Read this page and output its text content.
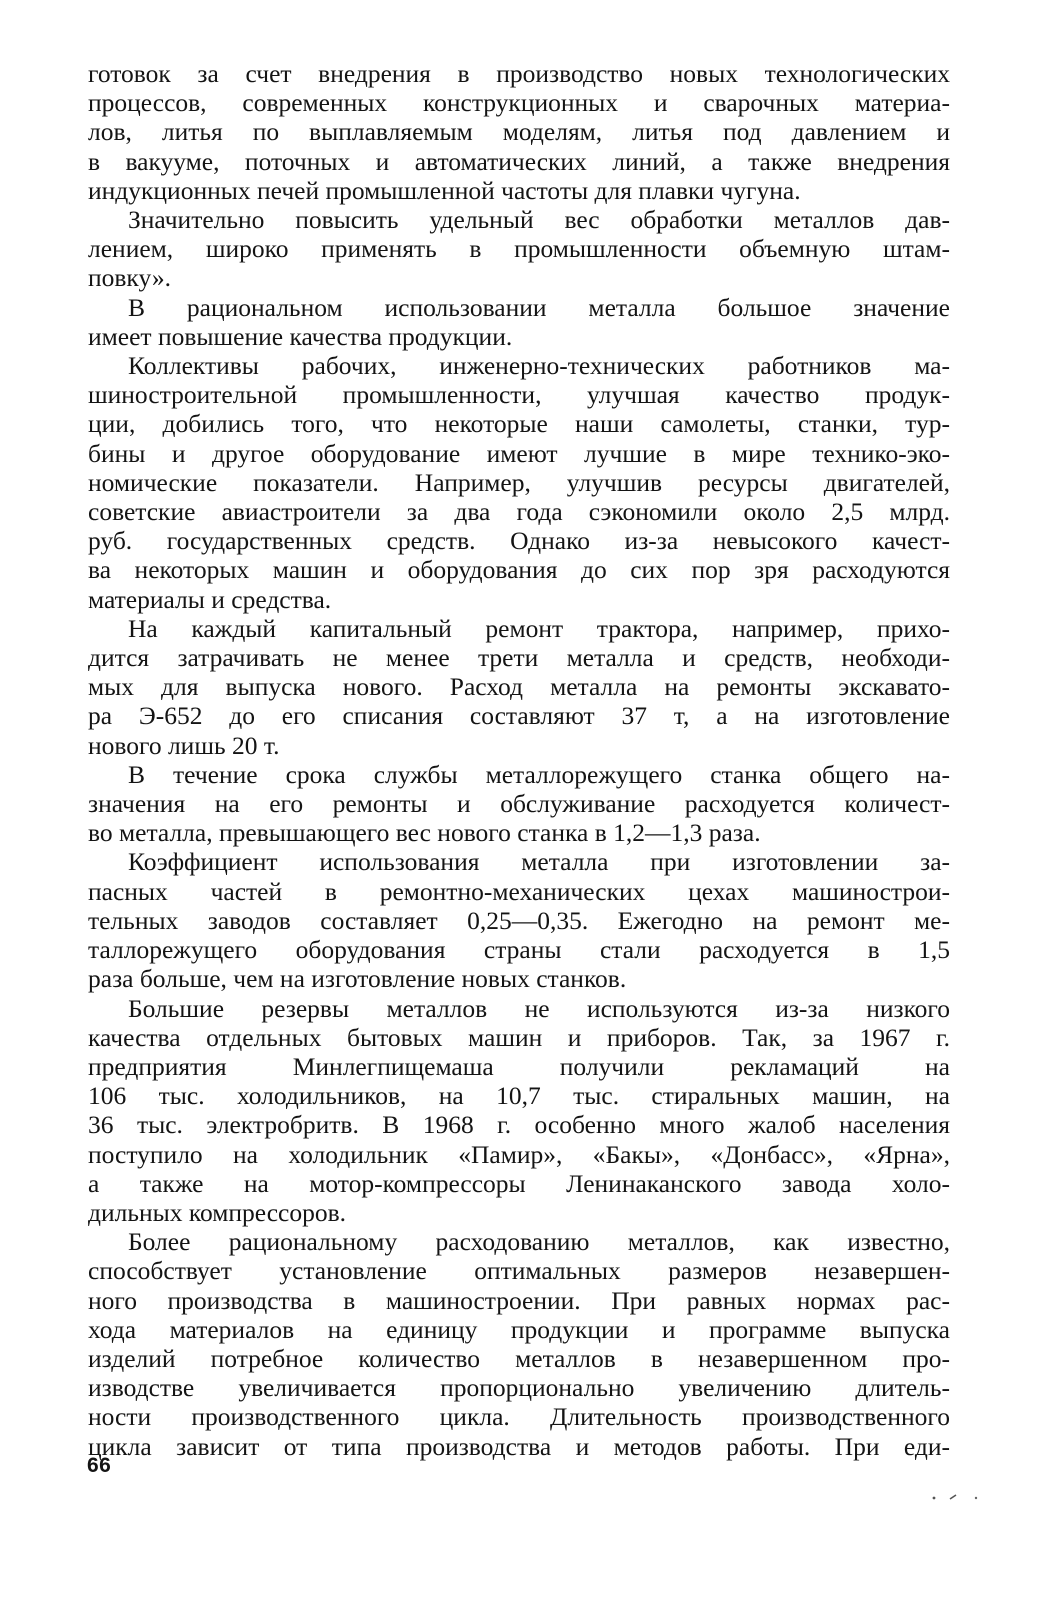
готовок за счет внедрения в производство новых технологических
процессов, современных конструкционных и сварочных материа-
лов, литья по выплавляемым моделям, литья под давлением и
в вакууме, поточных и автоматических линий, а также внедрения
индукционных печей промышленной частоты для плавки чугуна.
Значительно повысить удельный вес обработки металлов дав-
лением, широко применять в промышленности объемную штам-
повку».
В рациональном использовании металла большое значение
имеет повышение качества продукции.
Коллективы рабочих, инженерно-технических работников ма-
шиностроительной промышленности, улучшая качество продук-
ции, добились того, что некоторые наши самолеты, станки, тур-
бины и другое оборудование имеют лучшие в мире технико-эко-
номические показатели. Например, улучшив ресурсы двигателей,
советские авиастроители за два года сэкономили около 2,5 млрд.
руб. государственных средств. Однако из-за невысокого качест-
ва некоторых машин и оборудования до сих пор зря расходуются
материалы и средства.
На каждый капитальный ремонт трактора, например, прихо-
дится затрачивать не менее трети металла и средств, необходи-
мых для выпуска нового. Расход металла на ремонты экскавато-
ра Э-652 до его списания составляют 37 т, а на изготовление
нового лишь 20 т.
В течение срока службы металлорежущего станка общего на-
значения на его ремонты и обслуживание расходуется количест-
во металла, превышающего вес нового станка в 1,2—1,3 раза.
Коэффициент использования металла при изготовлении за-
пасных частей в ремонтно-механических цехах машинострои-
тельных заводов составляет 0,25—0,35. Ежегодно на ремонт ме-
таллорежущего оборудования страны стали расходуется в 1,5
раза больше, чем на изготовление новых станков.
Большие резервы металлов не используются из-за низкого
качества отдельных бытовых машин и приборов. Так, за 1967 г.
предприятия Минлегпищемаша получили рекламаций на
106 тыс. холодильников, на 10,7 тыс. стиральных машин, на
36 тыс. электробритв. В 1968 г. особенно много жалоб населения
поступило на холодильник «Памир», «Бакы», «Донбасс», «Ярна»,
а также на мотор-компрессоры Ленинаканского завода холо-
дильных компрессоров.
Более рациональному расходованию металлов, как известно,
способствует установление оптимальных размеров незавершен-
ного производства в машиностроении. При равных нормах рас-
хода материалов на единицу продукции и программе выпуска
изделий потребное количество металлов в незавершенном про-
изводстве увеличивается пропорционально увеличению длитель-
ности производственного цикла. Длительность производственного
цикла зависит от типа производства и методов работы. При еди-
66
